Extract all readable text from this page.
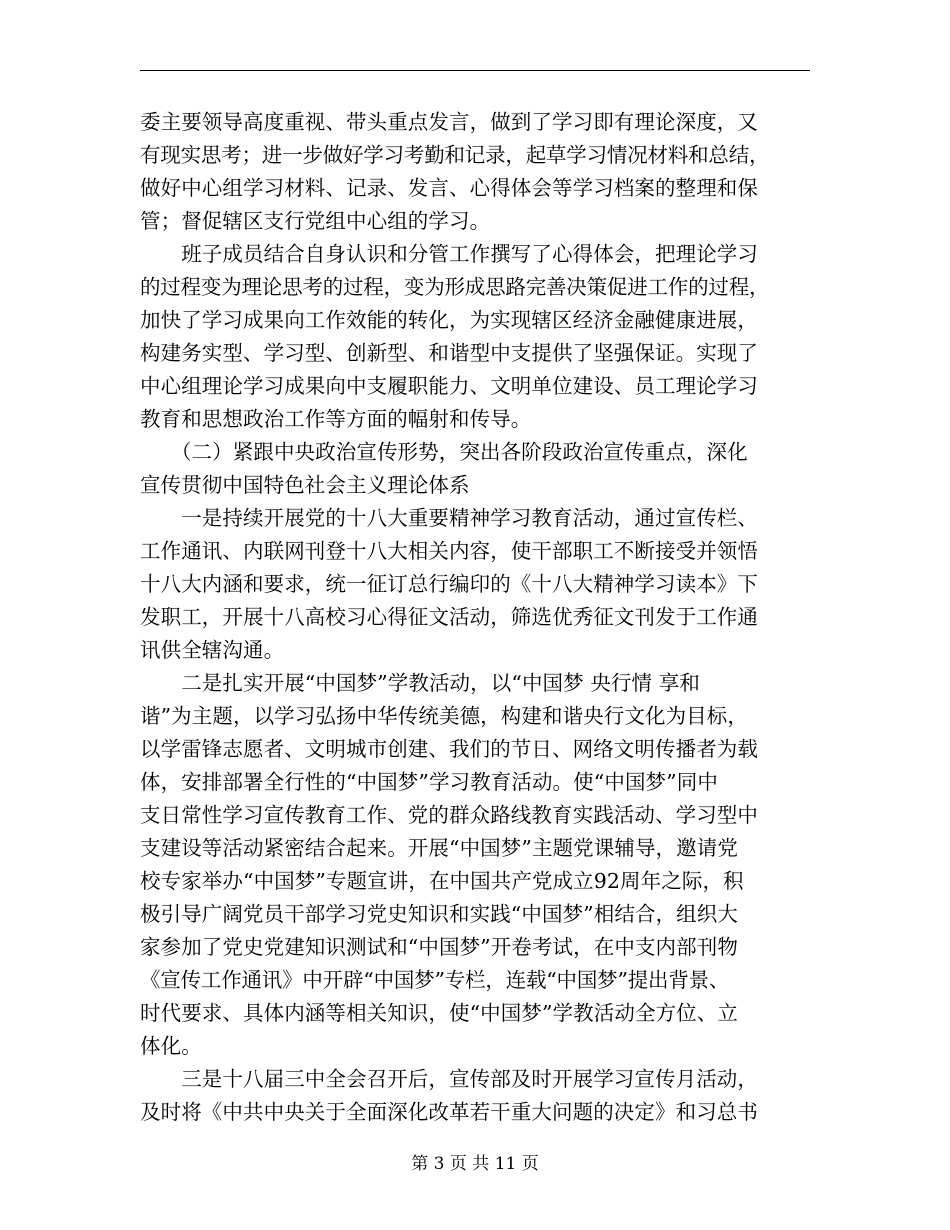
委主要领导高度重视、带头重点发言，做到了学习即有理论深度，又
有现实思考；进一步做好学习考勤和记录，起草学习情况材料和总结，
做好中心组学习材料、记录、发言、心得体会等学习档案的整理和保
管；督促辖区支行党组中心组的学习。
　　班子成员结合自身认识和分管工作撰写了心得体会，把理论学习
的过程变为理论思考的过程，变为形成思路完善决策促进工作的过程，
加快了学习成果向工作效能的转化，为实现辖区经济金融健康进展，
构建务实型、学习型、创新型、和谐型中支提供了坚强保证。实现了
中心组理论学习成果向中支履职能力、文明单位建设、员工理论学习
教育和思想政治工作等方面的幅射和传导。
　　（二）紧跟中央政治宣传形势，突出各阶段政治宣传重点，深化
宣传贯彻中国特色社会主义理论体系
　　一是持续开展党的十八大重要精神学习教育活动，通过宣传栏、
工作通讯、内联网刊登十八大相关内容，使干部职工不断接受并领悟
十八大内涵和要求，统一征订总行编印的《十八大精神学习读本》下
发职工，开展十八高校习心得征文活动，筛选优秀征文刊发于工作通
讯供全辖沟通。
　　二是扎实开展“中国梦”学教活动，以“中国梦 央行情 享和
谐”为主题，以学习弘扬中华传统美德，构建和谐央行文化为目标，
以学雷锋志愿者、文明城市创建、我们的节日、网络文明传播者为载
体，安排部署全行性的“中国梦”学习教育活动。使“中国梦”同中
支日常性学习宣传教育工作、党的群众路线教育实践活动、学习型中
支建设等活动紧密结合起来。开展“中国梦”主题党课辅导，邀请党
校专家举办“中国梦”专题宣讲，在中国共产党成立92周年之际，积
极引导广阔党员干部学习党史知识和实践“中国梦”相结合，组织大
家参加了党史党建知识测试和“中国梦”开卷考试，在中支内部刊物
《宣传工作通讯》中开辟“中国梦”专栏，连载“中国梦”提出背景、
时代要求、具体内涵等相关知识，使“中国梦”学教活动全方位、立
体化。
　　三是十八届三中全会召开后，宣传部及时开展学习宣传月活动，
及时将《中共中央关于全面深化改革若干重大问题的决定》和习总书
第 3 页 共 11 页
